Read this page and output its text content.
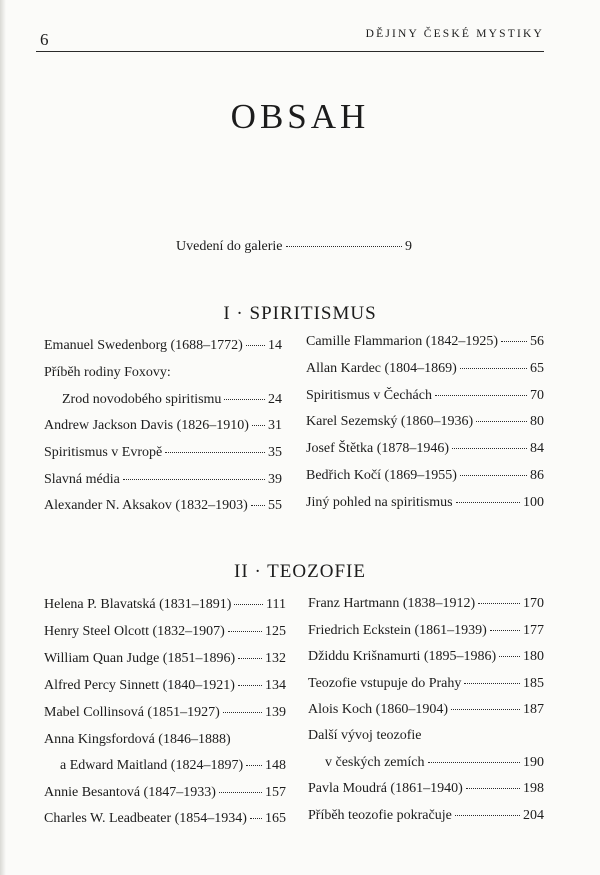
6	DĚJINY ČESKÉ MYSTIKY
OBSAH
Uvedení do galerie	9
I · SPIRITISMUS
Emanuel Swedenborg (1688–1772) 14
Příběh rodiny Foxovy:
Zrod novodobého spiritismu	24
Andrew Jackson Davis (1826–1910) 31
Spiritismus v Evropě	35
Slavná média	39
Alexander N. Aksakov (1832–1903) 55
Camille Flammarion (1842–1925) 56
Allan Kardec (1804–1869)	65
Spiritismus v Čechách	70
Karel Sezemský (1860–1936)	80
Josef Štětka (1878–1946)	84
Bedřich Kočí (1869–1955)	86
Jiný pohled na spiritismus	100
II · TEOZOFIE
Helena P. Blavatská (1831–1891) 111
Henry Steel Olcott (1832–1907)	125
William Quan Judge (1851–1896) 132
Alfred Percy Sinnett (1840–1921) 134
Mabel Collinsová (1851–1927)	139
Anna Kingsfordová (1846–1888)
a Edward Maitland (1824–1897) 148
Annie Besantová (1847–1933)	157
Charles W. Leadbeater (1854–1934) 165
Franz Hartmann (1838–1912)	170
Friedrich Eckstein (1861–1939)	177
Džiddu Krišnamurti (1895–1986) 180
Teozofie vstupuje do Prahy	185
Alois Koch (1860–1904)	187
Další vývoj teozofie
v českých zemích	190
Pavla Moudrá (1861–1940)	198
Příběh teozofie pokračuje	204
